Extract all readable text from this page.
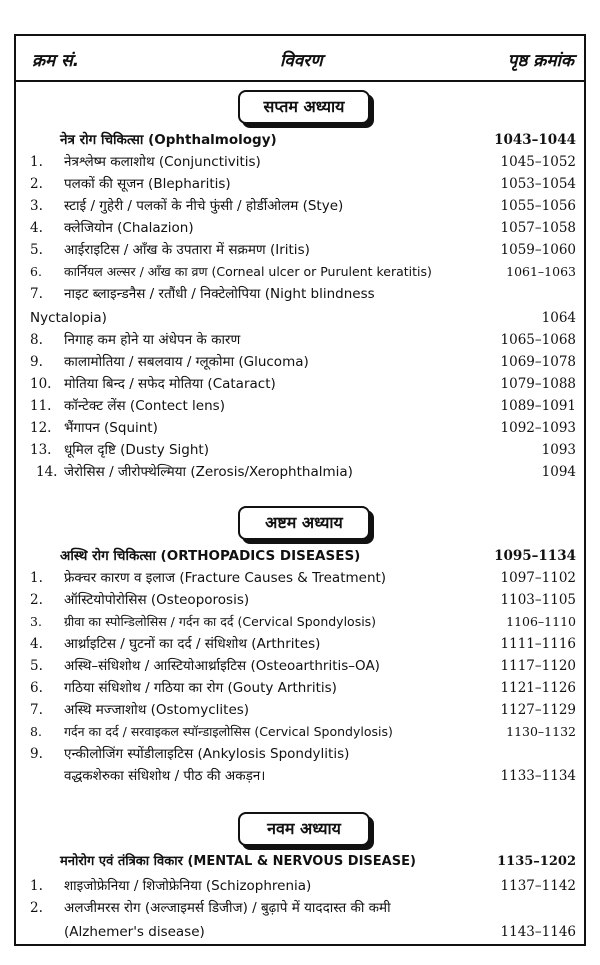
क्रम सं.	विवरण	पृष्ठ क्रमांक
सप्तम अध्याय
नेत्र रोग चिकित्सा (Ophthalmology)	1043–1044
1. नेत्रश्लेष्म कलाशोथ (Conjunctivitis)	1045–1052
2. पलकों की सूजन (Blepharitis)	1053–1054
3. स्टाई / गुहेरी / पलकों के नीचे फुंसी / होर्डीओलम (Stye)	1055–1056
4. क्लेजियोन (Chalazion)	1057–1058
5. आईराइटिस / आँख के उपतारा में सक्रमण (Iritis)	1059–1060
6. कार्नियल अल्सर / आँख का व्रण (Corneal ulcer or Purulent keratitis)	1061–1063
7. नाइट ब्लाइन्डनैस / रतौंधी / निक्टेलोपिया (Night blindness
Nyctalopia)	1064
8. निगाह कम होने या अंधेपन के कारण	1065–1068
9. कालामोतिया / सबलवाय / ग्लूकोमा (Glucoma)	1069–1078
10. मोतिया बिन्द / सफेद मोतिया (Cataract)	1079–1088
11. कॉन्टेक्ट लेंस (Contect lens)	1089–1091
12. भैंगापन (Squint)	1092–1093
13. धूमिल दृष्टि (Dusty Sight)	1093
14. जेरोसिस / जीरोफ्थेल्मिया (Zerosis/Xerophthalmia)	1094
अष्टम अध्याय
अस्थि रोग चिकित्सा (ORTHOPADICS DISEASES)	1095–1134
1. फ्रेक्चर कारण व इलाज (Fracture Causes & Treatment)	1097–1102
2. ऑस्टियोपोरोसिस (Osteoporosis)	1103–1105
3. ग्रीवा का स्पोन्डिलोसिस / गर्दन का दर्द (Cervical Spondylosis)	1106–1110
4. आर्थ्राइटिस / घुटनों का दर्द / संधिशोथ (Arthrites)	1111–1116
5. अस्थि–संधिशोथ / आस्टियोआर्थ्राइटिस (Osteoarthritis–OA)	1117–1120
6. गठिया संधिशोथ / गठिया का रोग (Gouty Arthritis)	1121–1126
7. अस्थि मज्जाशोथ (Ostomyclites)	1127–1129
8. गर्दन का दर्द / सरवाइकल स्पॉन्डाइलोसिस (Cervical Spondylosis)	1130–1132
9. एन्कीलोजिंग स्पोंडीलाइटिस (Ankylosis Spondylitis)
वद्धकशेरुका संधिशोथ / पीठ की अकड़न।	1133–1134
नवम अध्याय
मनोरोग एवं तंत्रिका विकार (MENTAL & NERVOUS DISEASE)	1135–1202
1. शाइजोफ्रेनिया / शिजोफ्रेनिया (Schizophrenia)	1137–1142
2. अलजीमरस रोग (अल्जाइमर्स डिजीज) / बुढ़ापे में याददास्त की कमी
(Alzhemer's disease)	1143–1146
